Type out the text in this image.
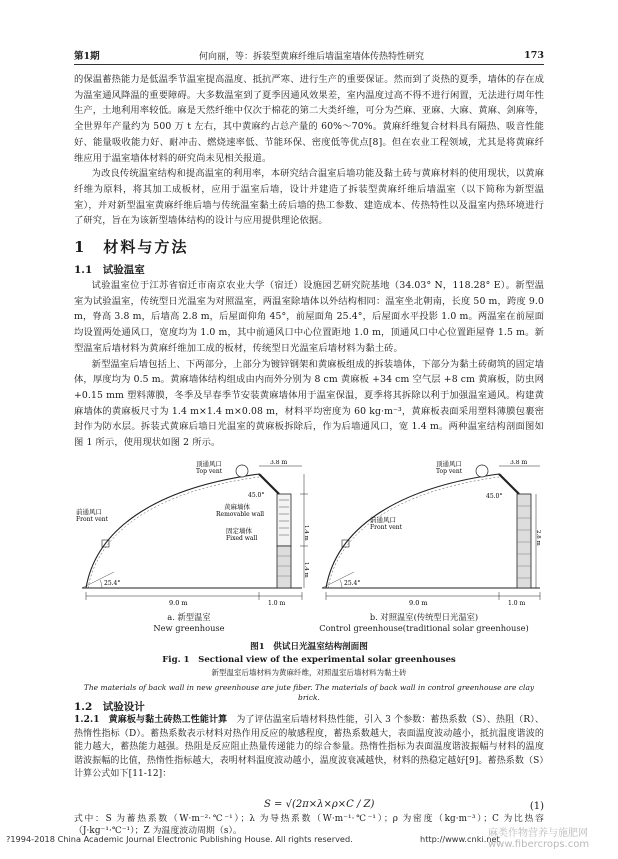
第1期	何向丽，等：拆装型黄麻纤维后墙温室墙体传热特性研究	173

的保温蓄热能力是低温季节温室提高温度、抵抗严寒、进行生产的重要保证。然而到了炎热的夏季，墙体的存在成为温室通风降温的重要障碍。大多数温室到了夏季因通风效果差，室内温度过高不得不进行闲置，无法进行周年性生产，土地利用率较低。麻是天然纤维中仅次于棉花的第二大类纤维，可分为苎麻、亚麻、大麻、黄麻、剑麻等，全世界年产量约为 500 万 t 左右，其中黄麻约占总产量的 60%～70%。黄麻纤维复合材料具有隔热、吸音性能好、能量吸收能力好、耐冲击、燃烧速率低、节能环保、密度低等优点[8]。但在农业工程领域，尤其是将黄麻纤维应用于温室墙体材料的研究尚未见相关报道。

为改良传统温室结构和提高温室的利用率，本研究结合温室后墙功能及黏土砖与黄麻材料的使用现状，以黄麻纤维为原料，将其加工成板材，应用于温室后墙，设计并建造了拆装型黄麻纤维后墙温室（以下简称为新型温室），并对新型温室黄麻纤维后墙与传统温室黏土砖后墙的热工参数、建造成本、传热特性以及温室内热环境进行了研究，旨在为该新型墙体结构的设计与应用提供理论依据。

1　材料与方法
1.1　试验温室

试验温室位于江苏省宿迁市南京农业大学（宿迁）设施园艺研究院基地（34.03° N，118.28° E）。新型温室为试验温室，传统型日光温室为对照温室，两温室除墙体以外结构相同：温室坐北朝南，长度 50 m，跨度 9.0 m，脊高 3.8 m，后墙高 2.8 m，后屋面仰角 45°，前屋面角 25.4°，后屋面水平投影 1.0 m。两温室在前屋面均设置两处通风口，宽度均为 1.0 m，其中前通风口中心位置距地 1.0 m，顶通风口中心位置距屋脊 1.5 m。新型温室后墙材料为黄麻纤维加工成的板材，传统型日光温室后墙材料为黏土砖。

新型温室后墙包括上、下两部分，上部分为镀锌钢架和黄麻板组成的拆装墙体，下部分为黏土砖砌筑的固定墙体，厚度均为 0.5 m。黄麻墙体结构组成由内而外分别为 8 cm 黄麻板 +34 cm 空气层 +8 cm 黄麻板，防虫网 +0.15 mm 塑料薄膜，冬季及早春季节安装黄麻墙体用于温室保温，夏季将其拆除以利于加强温室通风。构建黄麻墙体的黄麻板尺寸为 1.4 m×1.4 m×0.08 m，材料平均密度为 60 kg·m⁻³，黄麻板表面采用塑料薄膜包裹密封作为防水层。拆装式黄麻后墙日光温室的黄麻板拆除后，作为后墙通风口，宽 1.4 m。两种温室结构剖面图如图 1 所示，使用现状如图 2 所示。

顶通风口
Top vent
3.8 m
前通风口
Front vent
45.0°
黄麻墙体
Removable wall
固定墙体
Fixed wall
25.4°
9.0 m	1.0 m
1.4 m
1.4 m
顶通风口
Top vent
3.8 m
前通风口
Front vent
45.0°
25.4°
9.0 m	1.0 m
2.8 m
a. 新型温室
New greenhouse
b. 对照温室(传统型日光温室)
Control greenhouse(traditional solar greenhouse)
图1　供试日光温室结构剖面图
Fig. 1　Sectional view of the experimental solar greenhouses
新型温室后墙材料为黄麻纤维，对照温室后墙材料为黏土砖
The materials of back wall in new greenhouse are jute fiber. The materials of back wall in control greenhouse are clay brick.
1.2　试验设计

1.2.1　黄麻板与黏土砖热工性能计算　 为了评估温室后墙材料热性能，引入 3 个参数：蓄热系数（S）、热阻（R）、热惰性指标（D）。蓄热系数表示材料对热作用反应的敏感程度，蓄热系数越大，表面温度波动越小，抵抗温度谐波的能力越大，蓄热能力越强。热阻是反应阻止热量传递能力的综合参量。热惰性指标为表面温度谐波振幅与材料的温度谐波振幅的比值，热惰性指标越大，表明材料温度波动越小，温度波衰减越快，材料的热稳定越好[9]。蓄热系数（S）计算公式如下[11-12]：

S = √(2π×λ×ρ×C / Z)	(1)
式中：S 为蓄热系数（W·m⁻²·℃⁻¹）；λ 为导热系数（W·m⁻¹·℃⁻¹）；ρ 为密度（kg·m⁻³）；C 为比热容（J·kg⁻¹·℃⁻¹）；Z 为温度波动周期（s）。
?1994-2018 China Academic Journal Electronic Publishing House. All rights reserved.	http://www.cnki.net
麻类作物营养与施肥网
www.fibercrops.com
